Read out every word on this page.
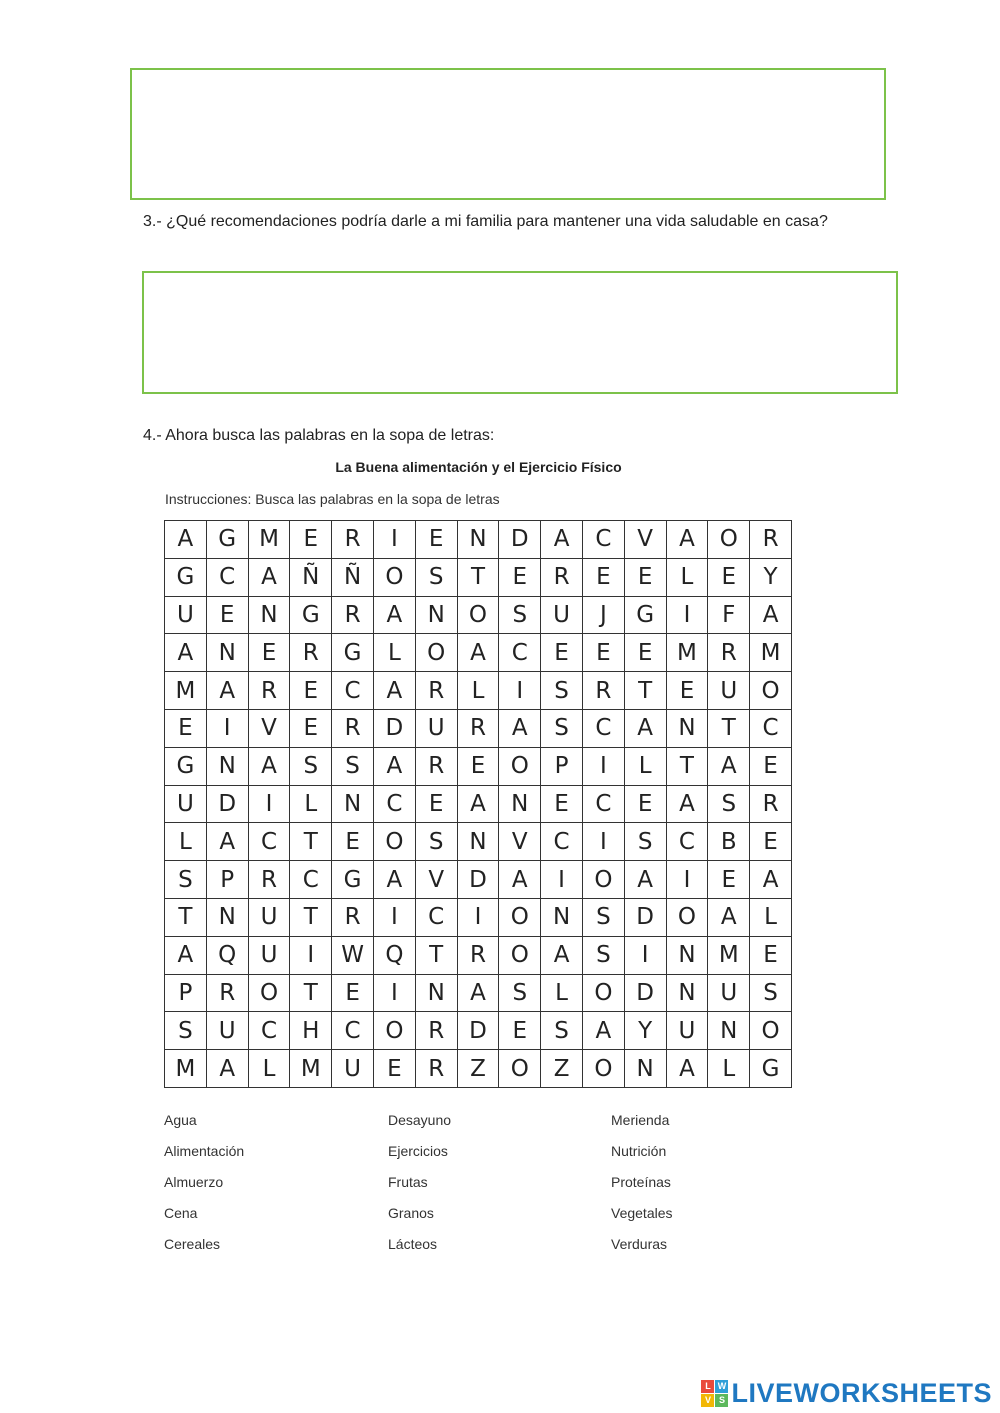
3.- ¿Qué recomendaciones podría darle a mi familia para mantener una vida saludable en casa?
4.- Ahora busca las palabras en la sopa de letras:
La Buena alimentación y el Ejercicio Físico
Instrucciones: Busca las palabras en la sopa de letras
A	G	M	E	R	I	E	N	D	A	C	V	A	O	R
G	C	A	Ñ	Ñ	O	S	T	E	R	E	E	L	E	Y
U	E	N	G	R	A	N	O	S	U	J	G	I	F	A
A	N	E	R	G	L	O	A	C	E	E	E	M	R	M
M	A	R	E	C	A	R	L	I	S	R	T	E	U	O
E	I	V	E	R	D	U	R	A	S	C	A	N	T	C
G	N	A	S	S	A	R	E	O	P	I	L	T	A	E
U	D	I	L	N	C	E	A	N	E	C	E	A	S	R
L	A	C	T	E	O	S	N	V	C	I	S	C	B	E
S	P	R	C	G	A	V	D	A	I	O	A	I	E	A
T	N	U	T	R	I	C	I	O	N	S	D	O	A	L
A	Q	U	I	W	Q	T	R	O	A	S	I	N	M	E
P	R	O	T	E	I	N	A	S	L	O	D	N	U	S
S	U	C	H	C	O	R	D	E	S	A	Y	U	N	O
M	A	L	M	U	E	R	Z	O	Z	O	N	A	L	G
Agua	Desayuno	Merienda
Alimentación	Ejercicios	Nutrición
Almuerzo	Frutas	Proteínas
Cena	Granos	Vegetales
Cereales	Lácteos	Verduras
L W
V S LIVEWORKSHEETS
